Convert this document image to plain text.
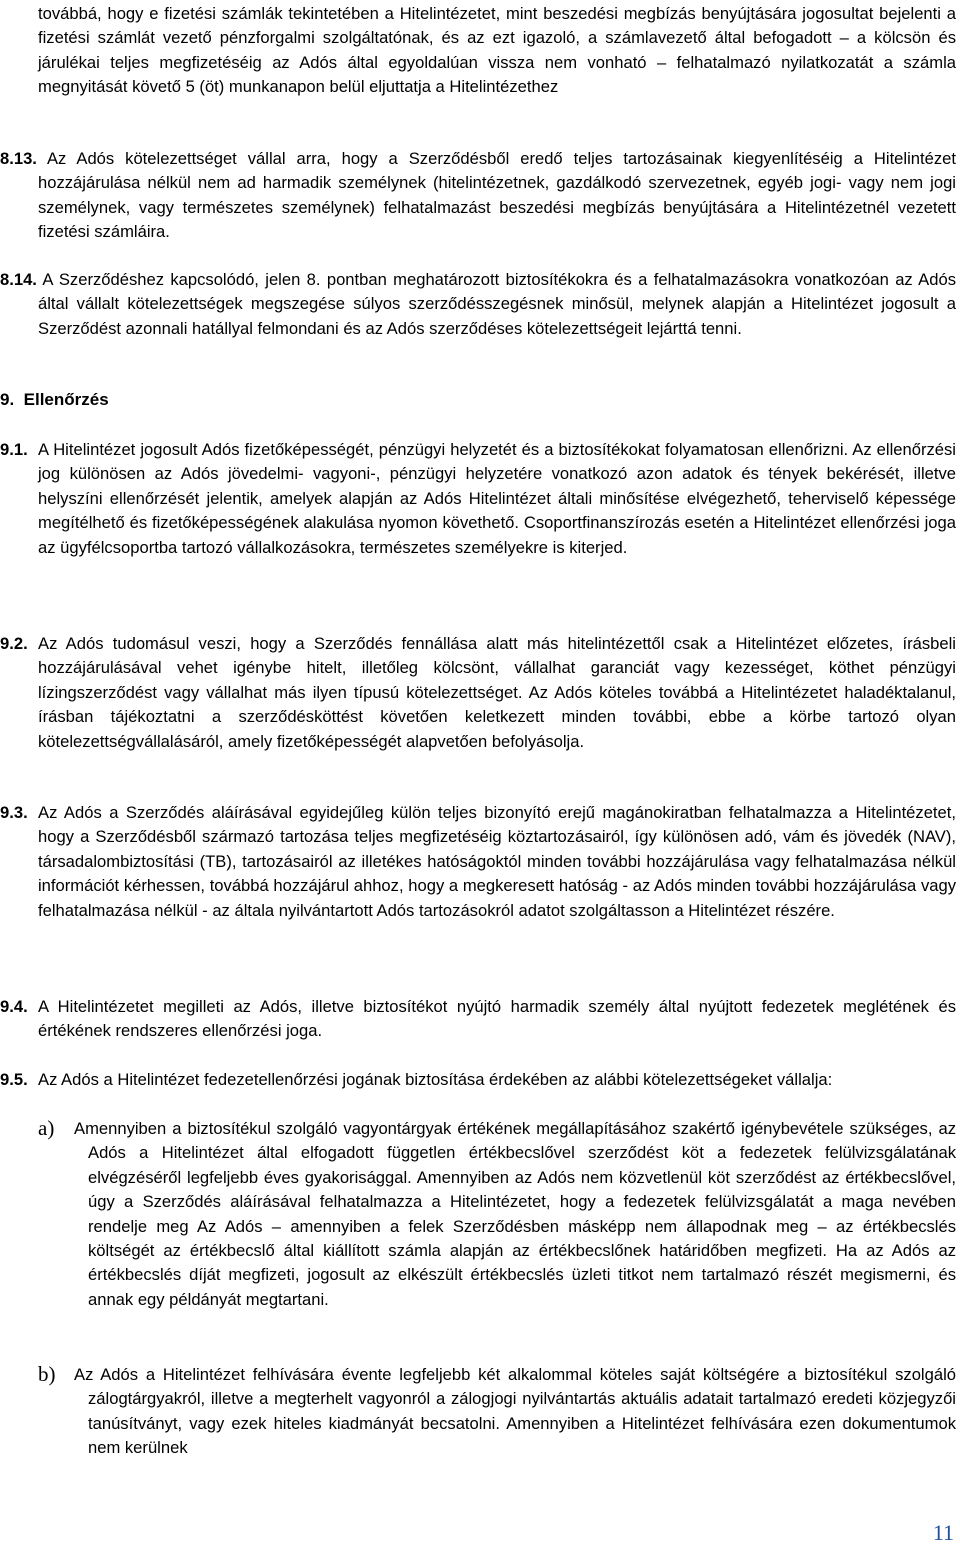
továbbá, hogy e fizetési számlák tekintetében a Hitelintézetet, mint beszedési megbízás benyújtására jogosultat bejelenti a fizetési számlát vezető pénzforgalmi szolgáltatónak, és az ezt igazoló, a számlavezető által befogadott – a kölcsön és járulékai teljes megfizetéséig az Adós által egyoldalúan vissza nem vonható – felhatalmazó nyilatkozatát a számla megnyitását követő 5 (öt) munkanapon belül eljuttatja a Hitelintézethez

8.13. Az Adós kötelezettséget vállal arra, hogy a Szerződésből eredő teljes tartozásainak kiegyenlítéséig a Hitelintézet hozzájárulása nélkül nem ad harmadik személynek (hitelintézetnek, gazdálkodó szervezetnek, egyéb jogi- vagy nem jogi személynek, vagy természetes személynek) felhatalmazást beszedési megbízás benyújtására a Hitelintézetnél vezetett fizetési számláira.

8.14. A Szerződéshez kapcsolódó, jelen 8. pontban meghatározott biztosítékokra és a felhatalmazásokra vonatkozóan az Adós által vállalt kötelezettségek megszegése súlyos szerződésszegésnek minősül, melynek alapján a Hitelintézet jogosult a Szerződést azonnali hatállyal felmondani és az Adós szerződéses kötelezettségeit lejárttá tenni.

9. Ellenőrzés
9.1. A Hitelintézet jogosult Adós fizetőképességét, pénzügyi helyzetét és a biztosítékokat folyamatosan ellenőrizni. Az ellenőrzési jog különösen az Adós jövedelmi- vagyoni-, pénzügyi helyzetére vonatkozó azon adatok és tények bekérését, illetve helyszíni ellenőrzését jelentik, amelyek alapján az Adós Hitelintézet általi minősítése elvégezhető, teherviselő képessége megítélhető és fizetőképességének alakulása nyomon követhető. Csoportfinanszírozás esetén a Hitelintézet ellenőrzési joga az ügyfélcsoportba tartozó vállalkozásokra, természetes személyekre is kiterjed.

9.2. Az Adós tudomásul veszi, hogy a Szerződés fennállása alatt más hitelintézettől csak a Hitelintézet előzetes, írásbeli hozzájárulásával vehet igénybe hitelt, illetőleg kölcsönt, vállalhat garanciát vagy kezességet, köthet pénzügyi lízingszerződést vagy vállalhat más ilyen típusú kötelezettséget. Az Adós köteles továbbá a Hitelintézetet haladéktalanul, írásban tájékoztatni a szerződésköttést követően keletkezett minden további, ebbe a körbe tartozó olyan kötelezettségvállalásáról, amely fizetőképességét alapvetően befolyásolja.

9.3. Az Adós a Szerződés aláírásával egyidejűleg külön teljes bizonyító erejű magánokiratban felhatalmazza a Hitelintézetet, hogy a Szerződésből származó tartozása teljes megfizetéséig köztartozásairól, így különösen adó, vám és jövedék (NAV), társadalombiztosítási (TB), tartozásairól az illetékes hatóságoktól minden további hozzájárulása vagy felhatalmazása nélkül információt kérhessen, továbbá hozzájárul ahhoz, hogy a megkeresett hatóság - az Adós minden további hozzájárulása vagy felhatalmazása nélkül - az általa nyilvántartott Adós tartozásokról adatot szolgáltasson a Hitelintézet részére.

9.4. A Hitelintézetet megilleti az Adós, illetve biztosítékot nyújtó harmadik személy által nyújtott fedezetek meglétének és értékének rendszeres ellenőrzési joga.

9.5. Az Adós a Hitelintézet fedezetellenőrzési jogának biztosítása érdekében az alábbi kötelezettségeket vállalja:

a) Amennyiben a biztosítékul szolgáló vagyontárgyak értékének megállapításához szakértő igénybevétele szükséges, az Adós a Hitelintézet által elfogadott független értékbecslővel szerződést köt a fedezetek felülvizsgálatának elvégzéséről legfeljebb éves gyakorisággal. Amennyiben az Adós nem közvetlenül köt szerződést az értékbecslővel, úgy a Szerződés aláírásával felhatalmazza a Hitelintézetet, hogy a fedezetek felülvizsgálatát a maga nevében rendelje meg Az Adós – amennyiben a felek Szerződésben másképp nem állapodnak meg – az értékbecslés költségét az értékbecslő által kiállított számla alapján az értékbecslőnek határidőben megfizeti. Ha az Adós az értékbecslés díját megfizeti, jogosult az elkészült értékbecslés üzleti titkot nem tartalmazó részét megismerni, és annak egy példányát megtartani.

b) Az Adós a Hitelintézet felhívására évente legfeljebb két alkalommal köteles saját költségére a biztosítékul szolgáló zálogtárgyakról, illetve a megterhelt vagyonról a zálogjogi nyilvántartás aktuális adatait tartalmazó eredeti közjegyzői tanúsítványt, vagy ezek hiteles kiadmányát becsatolni. Amennyiben a Hitelintézet felhívására ezen dokumentumok nem kerülnek

11
